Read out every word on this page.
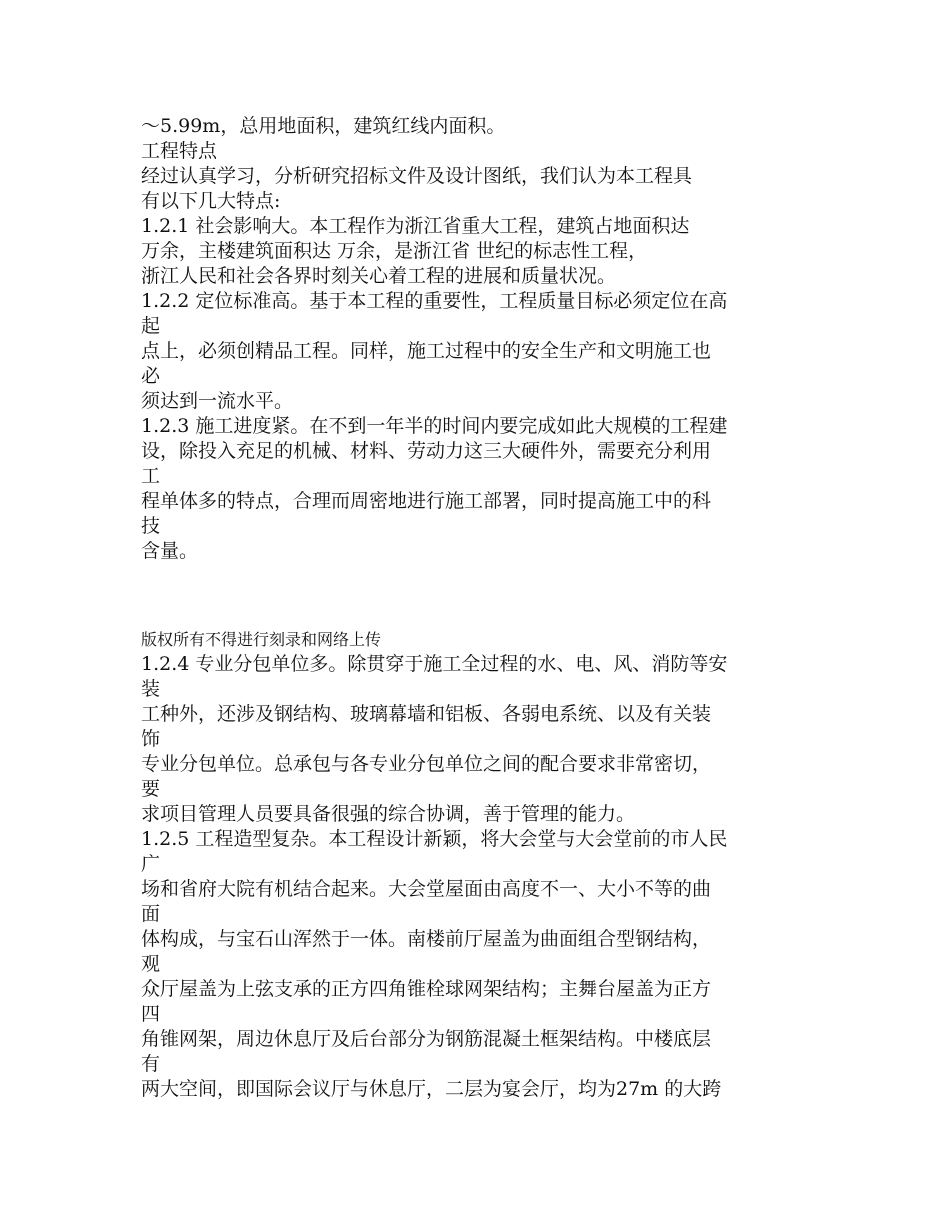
～5.99m，总用地面积，建筑红线内面积。
工程特点
经过认真学习，分析研究招标文件及设计图纸，我们认为本工程具
有以下几大特点:
1.2.1 社会影响大。本工程作为浙江省重大工程，建筑占地面积达
万余，主楼建筑面积达 万余，是浙江省 世纪的标志性工程，
浙江人民和社会各界时刻关心着工程的进展和质量状况。
1.2.2 定位标准高。基于本工程的重要性，工程质量目标必须定位在高
起
点上，必须创精品工程。同样，施工过程中的安全生产和文明施工也
必
须达到一流水平。
1.2.3 施工进度紧。在不到一年半的时间内要完成如此大规模的工程建
设，除投入充足的机械、材料、劳动力这三大硬件外，需要充分利用
工
程单体多的特点，合理而周密地进行施工部署，同时提高施工中的科
技
含量。
版权所有不得进行刻录和网络上传
1.2.4 专业分包单位多。除贯穿于施工全过程的水、电、风、消防等安
装
工种外，还涉及钢结构、玻璃幕墙和铝板、各弱电系统、以及有关装
饰
专业分包单位。总承包与各专业分包单位之间的配合要求非常密切，
要
求项目管理人员要具备很强的综合协调，善于管理的能力。
1.2.5 工程造型复杂。本工程设计新颖，将大会堂与大会堂前的市人民
广
场和省府大院有机结合起来。大会堂屋面由高度不一、大小不等的曲
面
体构成，与宝石山浑然于一体。南楼前厅屋盖为曲面组合型钢结构，
观
众厅屋盖为上弦支承的正方四角锥栓球网架结构；主舞台屋盖为正方
四
角锥网架，周边休息厅及后台部分为钢筋混凝土框架结构。中楼底层
有
两大空间，即国际会议厅与休息厅，二层为宴会厅，均为27m 的大跨
